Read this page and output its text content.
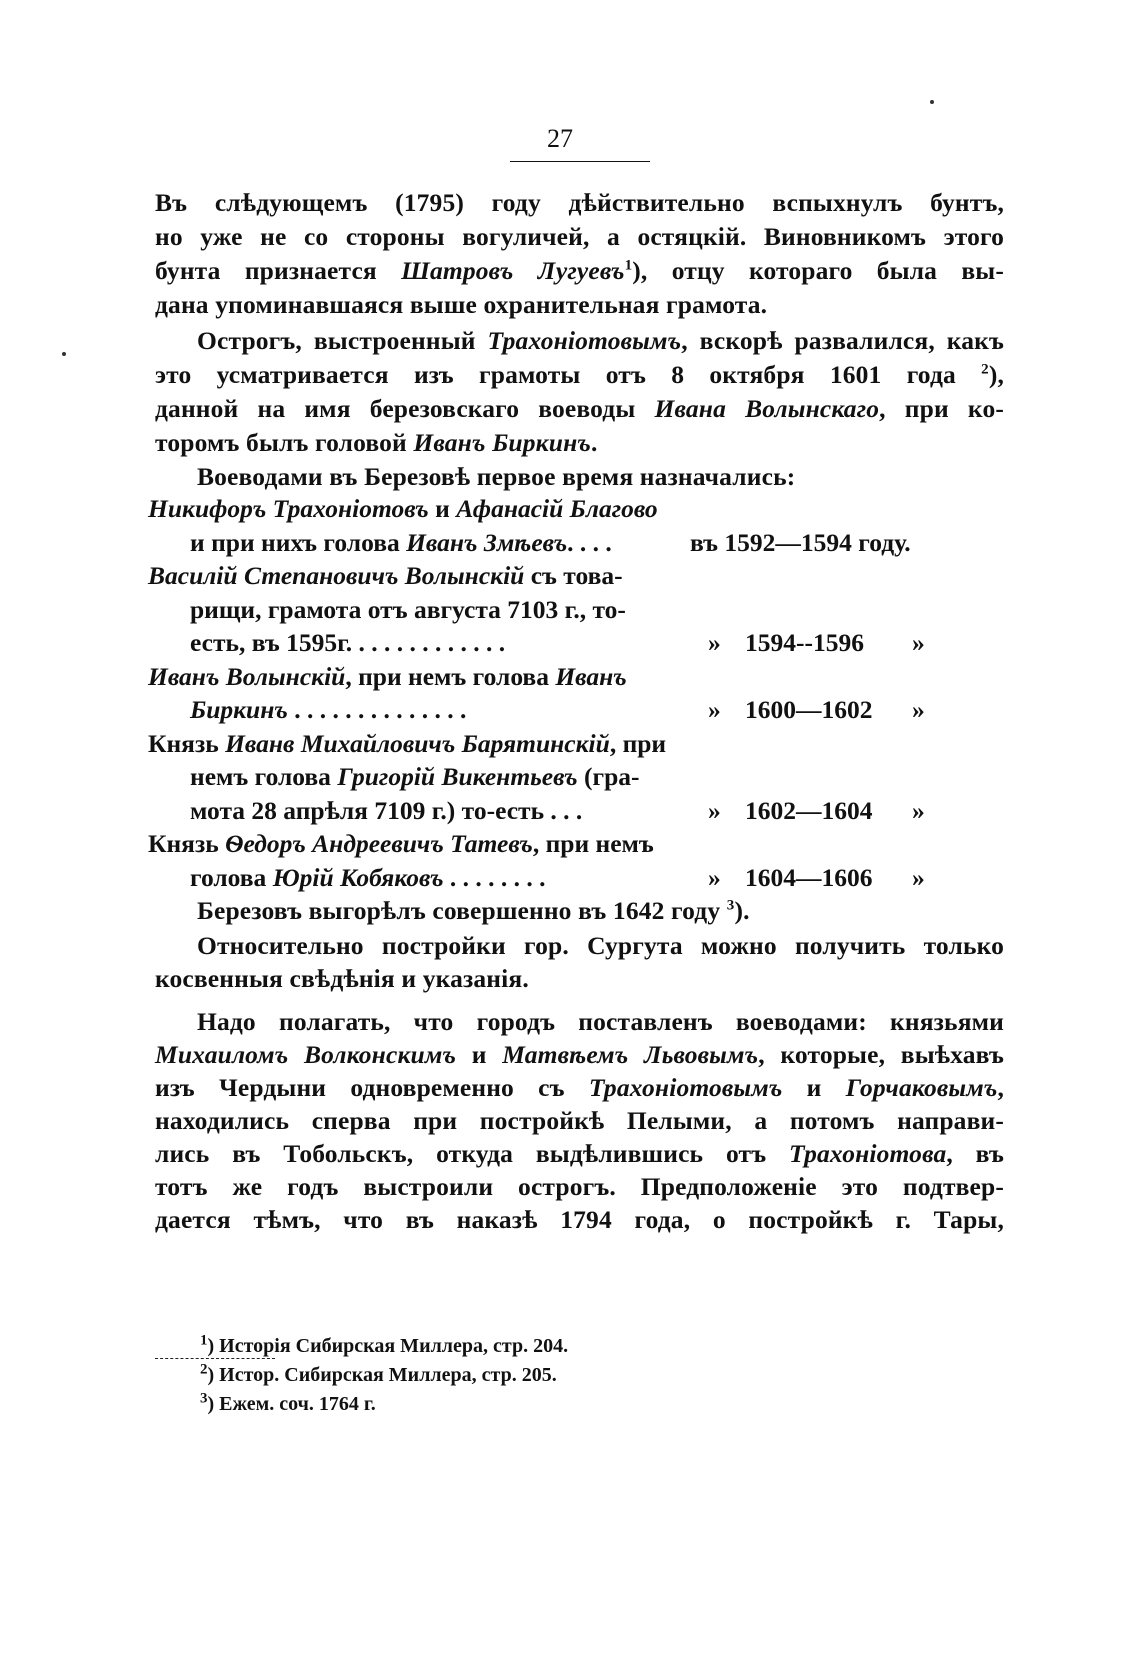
27
Въ слѣдующемъ (1795) году дѣйствительно вспыхнулъ бунтъ,
но уже не со стороны вогуличей, а остяцкій. Виновникомъ этого
бунта признается Шатровъ Лугуевъ$^1$), отцу котораго была вы-
дана упоминавшаяся выше охранительная грамота.
Острогъ, выстроенный Трахоніотовымъ, вскорѣ развалился, какъ
это усматривается изъ грамоты отъ 8 октября 1601 года $^2$),
данной на имя березовскаго воеводы Ивана Волынскаго, при ко-
торомъ былъ головой Иванъ Биркинъ.
Воеводами въ Березовѣ первое время назначались:
Никифоръ Трахоніотовъ и Афанасій Благово
и при нихъ голова Иванъ Змѣевъ. . . .	въ 1592—1594 году.
Василій Степановичъ Волынскій съ това-
рищи, грамота отъ августа 7103 г., то-
есть, въ 1595г. . . . . . . . . . . . .	» 1594--1596 »
Иванъ Волынскій, при немъ голова Иванъ
Биркинъ . . . . . . . . . . . . . .	» 1600—1602 »
Князь Иванв Михайловичъ Барятинскій, при
немъ голова Григорій Викентьевъ (гра-
мота 28 апрѣля 7109 г.) то-есть . . .	» 1602—1604 »
Князь Ѳедоръ Андреевичъ Татевъ, при немъ
голова Юрій Кобяковъ . . . . . . . .	» 1604—1606 »
Березовъ выгорѣлъ совершенно въ 1642 году $^3$).
Относительно постройки гор. Сургута можно получить только
косвенныя свѣдѣнія и указанія.
Надо полагать, что городъ поставленъ воеводами: князьями
Михаиломъ Волконскимъ и Матвѣемъ Львовымъ, которые, выѣхавъ
изъ Чердыни одновременно съ Трахоніотовымъ и Горчаковымъ,
находились сперва при постройкѣ Пелыми, а потомъ направи-
лись въ Тобольскъ, откуда выдѣлившись отъ Трахоніотова, въ
тотъ же годъ выстроили острогъ. Предположеніе это подтвер-
дается тѣмъ, что въ наказѣ 1794 года, о постройкѣ г. Тары,
$^1$) Исторія Сибирская Миллера, стр. 204.
$^2$) Истор. Сибирская Миллера, стр. 205.
$^3$) Ежем. соч. 1764 г.
